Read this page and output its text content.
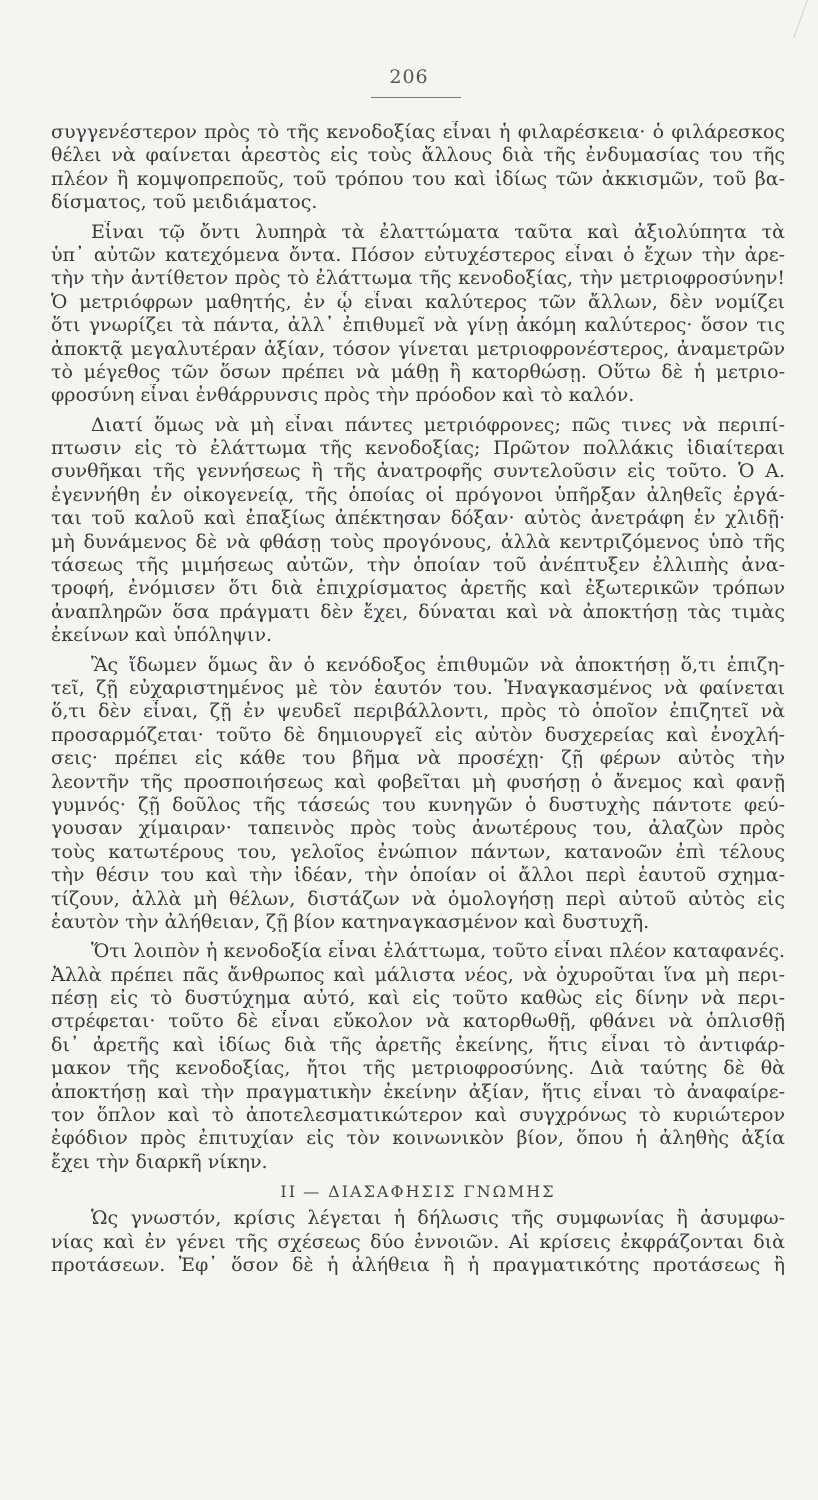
206
συγγενέστερον πρὸς τὸ τῆς κενοδοξίας εἶναι ἡ φιλαρέσκεια· ὁ φιλάρεσκος
θέλει νὰ φαίνεται ἀρεστὸς εἰς τοὺς ἄλλους διὰ τῆς ἐνδυμασίας του τῆς
πλέον ἢ κομψοπρεποῦς, τοῦ τρόπου του καὶ ἰδίως τῶν ἀκκισμῶν, τοῦ βα-
δίσματος, τοῦ μειδιάματος.
Εἶναι τῷ ὄντι λυπηρὰ τὰ ἐλαττώματα ταῦτα καὶ ἀξιολύπητα τὰ
ὑπ᾽ αὐτῶν κατεχόμενα ὄντα. Πόσον εὐτυχέστερος εἶναι ὁ ἔχων τὴν ἀρε-
τὴν τὴν ἀντίθετον πρὸς τὸ ἐλάττωμα τῆς κενοδοξίας, τὴν μετριοφροσύνην!
Ὁ μετριόφρων μαθητής, ἐν ᾧ εἶναι καλύτερος τῶν ἄλλων, δὲν νομίζει
ὅτι γνωρίζει τὰ πάντα, ἀλλ᾽ ἐπιθυμεῖ νὰ γίνῃ ἀκόμη καλύτερος· ὅσον τις
ἀποκτᾷ μεγαλυτέραν ἀξίαν, τόσον γίνεται μετριοφρονέστερος, ἀναμετρῶν
τὸ μέγεθος τῶν ὅσων πρέπει νὰ μάθῃ ἢ κατορθώσῃ. Οὕτω δὲ ἡ μετριο-
φροσύνη εἶναι ἐνθάρρυνσις πρὸς τὴν πρόοδον καὶ τὸ καλόν.
Διατί ὅμως νὰ μὴ εἶναι πάντες μετριόφρονες; πῶς τινες νὰ περιπί-
πτωσιν εἰς τὸ ἐλάττωμα τῆς κενοδοξίας; Πρῶτον πολλάκις ἰδιαίτεραι
συνθῆκαι τῆς γεννήσεως ἢ τῆς ἀνατροφῆς συντελοῦσιν εἰς τοῦτο. Ὁ Α.
ἐγεννήθη ἐν οἰκογενείᾳ, τῆς ὁποίας οἱ πρόγονοι ὑπῆρξαν ἀληθεῖς ἐργά-
ται τοῦ καλοῦ καὶ ἐπαξίως ἀπέκτησαν δόξαν· αὐτὸς ἀνετράφη ἐν χλιδῇ·
μὴ δυνάμενος δὲ νὰ φθάσῃ τοὺς προγόνους, ἀλλὰ κεντριζόμενος ὑπὸ τῆς
τάσεως τῆς μιμήσεως αὐτῶν, τὴν ὁποίαν τοῦ ἀνέπτυξεν ἐλλιπὴς ἀνα-
τροφή, ἐνόμισεν ὅτι διὰ ἐπιχρίσματος ἀρετῆς καὶ ἐξωτερικῶν τρόπων
ἀναπληρῶν ὅσα πράγματι δὲν ἔχει, δύναται καὶ νὰ ἀποκτήσῃ τὰς τιμὰς
ἐκείνων καὶ ὑπόληψιν.
Ἂς ἴδωμεν ὅμως ἂν ὁ κενόδοξος ἐπιθυμῶν νὰ ἀποκτήσῃ ὅ,τι ἐπιζη-
τεῖ, ζῇ εὐχαριστημένος μὲ τὸν ἑαυτόν του. Ἠναγκασμένος νὰ φαίνεται
ὅ,τι δὲν εἶναι, ζῇ ἐν ψευδεῖ περιβάλλοντι, πρὸς τὸ ὁποῖον ἐπιζητεῖ νὰ
προσαρμόζεται· τοῦτο δὲ δημιουργεῖ εἰς αὐτὸν δυσχερείας καὶ ἐνοχλή-
σεις· πρέπει εἰς κάθε του βῆμα νὰ προσέχῃ· ζῇ φέρων αὐτὸς τὴν
λεοντῆν τῆς προσποιήσεως καὶ φοβεῖται μὴ φυσήσῃ ὁ ἄνεμος καὶ φανῇ
γυμνός· ζῇ δοῦλος τῆς τάσεώς του κυνηγῶν ὁ δυστυχὴς πάντοτε φεύ-
γουσαν χίμαιραν· ταπεινὸς πρὸς τοὺς ἀνωτέρους του, ἀλαζὼν πρὸς
τοὺς κατωτέρους του, γελοῖος ἐνώπιον πάντων, κατανοῶν ἐπὶ τέλους
τὴν θέσιν του καὶ τὴν ἰδέαν, τὴν ὁποίαν οἱ ἄλλοι περὶ ἑαυτοῦ σχημα-
τίζουν, ἀλλὰ μὴ θέλων, διστάζων νὰ ὁμολογήσῃ περὶ αὐτοῦ αὐτὸς εἰς
ἑαυτὸν τὴν ἀλήθειαν, ζῇ βίον κατηναγκασμένον καὶ δυστυχῆ.
Ὅτι λοιπὸν ἡ κενοδοξία εἶναι ἐλάττωμα, τοῦτο εἶναι πλέον καταφανές.
Ἀλλὰ πρέπει πᾶς ἄνθρωπος καὶ μάλιστα νέος, νὰ ὀχυροῦται ἵνα μὴ περι-
πέσῃ εἰς τὸ δυστύχημα αὐτό, καὶ εἰς τοῦτο καθὼς εἰς δίνην νὰ περι-
στρέφεται· τοῦτο δὲ εἶναι εὔκολον νὰ κατορθωθῇ, φθάνει νὰ ὁπλισθῇ
δι᾽ ἀρετῆς καὶ ἰδίως διὰ τῆς ἀρετῆς ἐκείνης, ἥτις εἶναι τὸ ἀντιφάρ-
μακον τῆς κενοδοξίας, ἤτοι τῆς μετριοφροσύνης. Διὰ ταύτης δὲ θὰ
ἀποκτήσῃ καὶ τὴν πραγματικὴν ἐκείνην ἀξίαν, ἥτις εἶναι τὸ ἀναφαίρε-
τον ὅπλον καὶ τὸ ἀποτελεσματικώτερον καὶ συγχρόνως τὸ κυριώτερον
ἐφόδιον πρὸς ἐπιτυχίαν εἰς τὸν κοινωνικὸν βίον, ὅπου ἡ ἀληθὴς ἀξία
ἔχει τὴν διαρκῆ νίκην.
II — ΔΙΑΣΑΦΗΣΙΣ ΓΝΩΜΗΣ
Ὡς γνωστόν, κρίσις λέγεται ἡ δήλωσις τῆς συμφωνίας ἢ ἀσυμφω-
νίας καὶ ἐν γένει τῆς σχέσεως δύο ἐννοιῶν. Αἱ κρίσεις ἐκφράζονται διὰ
προτάσεων. Ἐφ᾽ ὅσον δὲ ἡ ἀλήθεια ἢ ἡ πραγματικότης προτάσεως ἢ
